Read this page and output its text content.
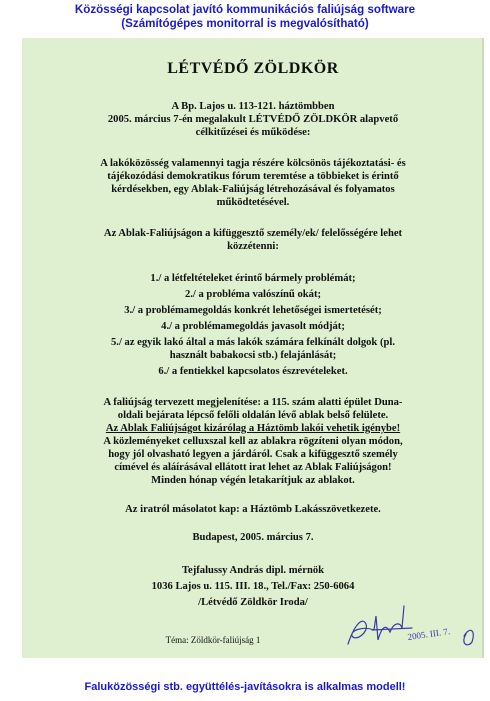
Közösségi kapcsolat javító kommunikációs faliújság software
(Számítógépes monitorral is megvalósítható)
LÉTVÉDŐ ZÖLDKÖR
A Bp. Lajos u. 113-121. háztömbben
2005. március 7-én megalakult LÉTVÉDŐ ZÖLDKÖR alapvető
célkitűzései és működése:
A lakóközösség valamennyi tagja részére kölcsönös tájékoztatási- és
tájékozódási demokratikus fórum teremtése a többieket is érintő
kérdésekben, egy Ablak-Faliújság létrehozásával és folyamatos
működtetésével.
Az Ablak-Faliújságon a kifüggesztő személy/ek/ felelősségére lehet
közzétenni:
1./ a létfeltételeket érintő bármely problémát;
2./ a probléma valószínű okát;
3./ a problémamegoldás konkrét lehetőségei ismertetését;
4./ a problémamegoldás javasolt módját;
5./ az egyik lakó által a más lakók számára felkínált dolgok (pl.
használt babakocsi stb.) felajánlását;
6./ a fentiekkel kapcsolatos észrevételeket.
A faliújság tervezett megjelenítése: a 115. szám alatti épület Duna-
oldali bejárata lépcső felőli oldalán lévő ablak belső felülete.
Az Ablak Faliújságot kizárólag a Háztömb lakói vehetik igénybe!
A közleményeket celluxszal kell az ablakra rögzíteni olyan módon,
hogy jól olvasható legyen a járdáról. Csak a kifüggesztő személy
címével és aláírásával ellátott irat lehet az Ablak Faliújságon!
Minden hónap végén letakarítjuk az ablakot.
Az iratról másolatot kap: a Háztömb Lakásszövetkezete.
Budapest, 2005. március 7.
Tejfalussy András dipl. mérnök
1036 Lajos u. 115. III. 18., Tel./Fax: 250-6064
/Létvédő Zöldkör Iroda/
Téma: Zöldkör-faliújság 1	2005. III. 7.
Faluközösségi stb. együttélés-javításokra is alkalmas modell!
